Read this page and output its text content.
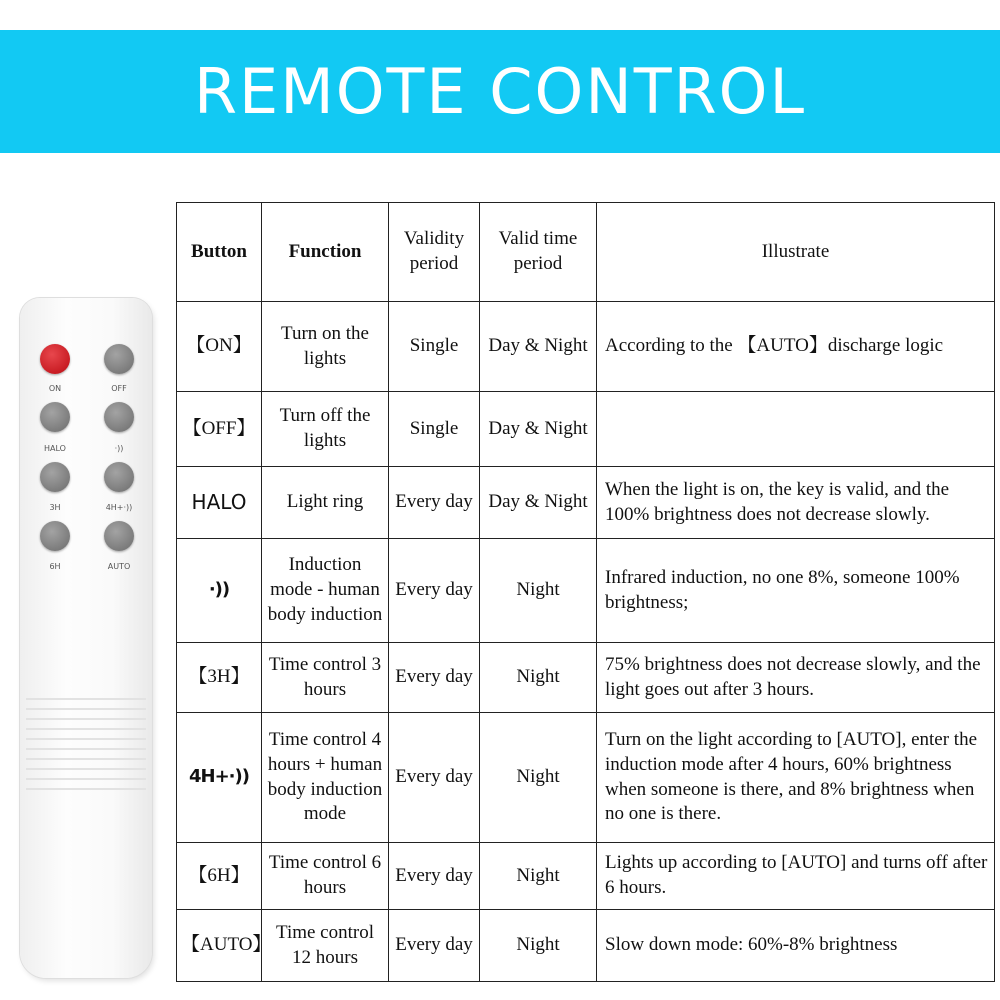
REMOTE CONTROL
ON	OFF
HALO	·))
3H	4H+·))
6H	AUTO
Button	Function	Validity period	Valid time period	Illustrate
【ON】	Turn on the lights	Single	Day & Night	According to the 【AUTO】discharge logic
【OFF】	Turn off the lights	Single	Day & Night	
HALO	Light ring	Every day	Day & Night	When the light is on, the key is valid, and the 100% brightness does not decrease slowly.
·))	Induction mode - human body induction	Every day	Night	Infrared induction, no one 8%, someone 100% brightness;
【3H】	Time control 3 hours	Every day	Night	75% brightness does not decrease slowly, and the light goes out after 3 hours.
4H+·))	Time control 4 hours + human body induction mode	Every day	Night	Turn on the light according to [AUTO], enter the induction mode after 4 hours, 60% brightness when someone is there, and 8% brightness when no one is there.
【6H】	Time control 6 hours	Every day	Night	Lights up according to [AUTO] and turns off after 6 hours.
【AUTO】	Time control 12 hours	Every day	Night	Slow down mode: 60%-8% brightness
